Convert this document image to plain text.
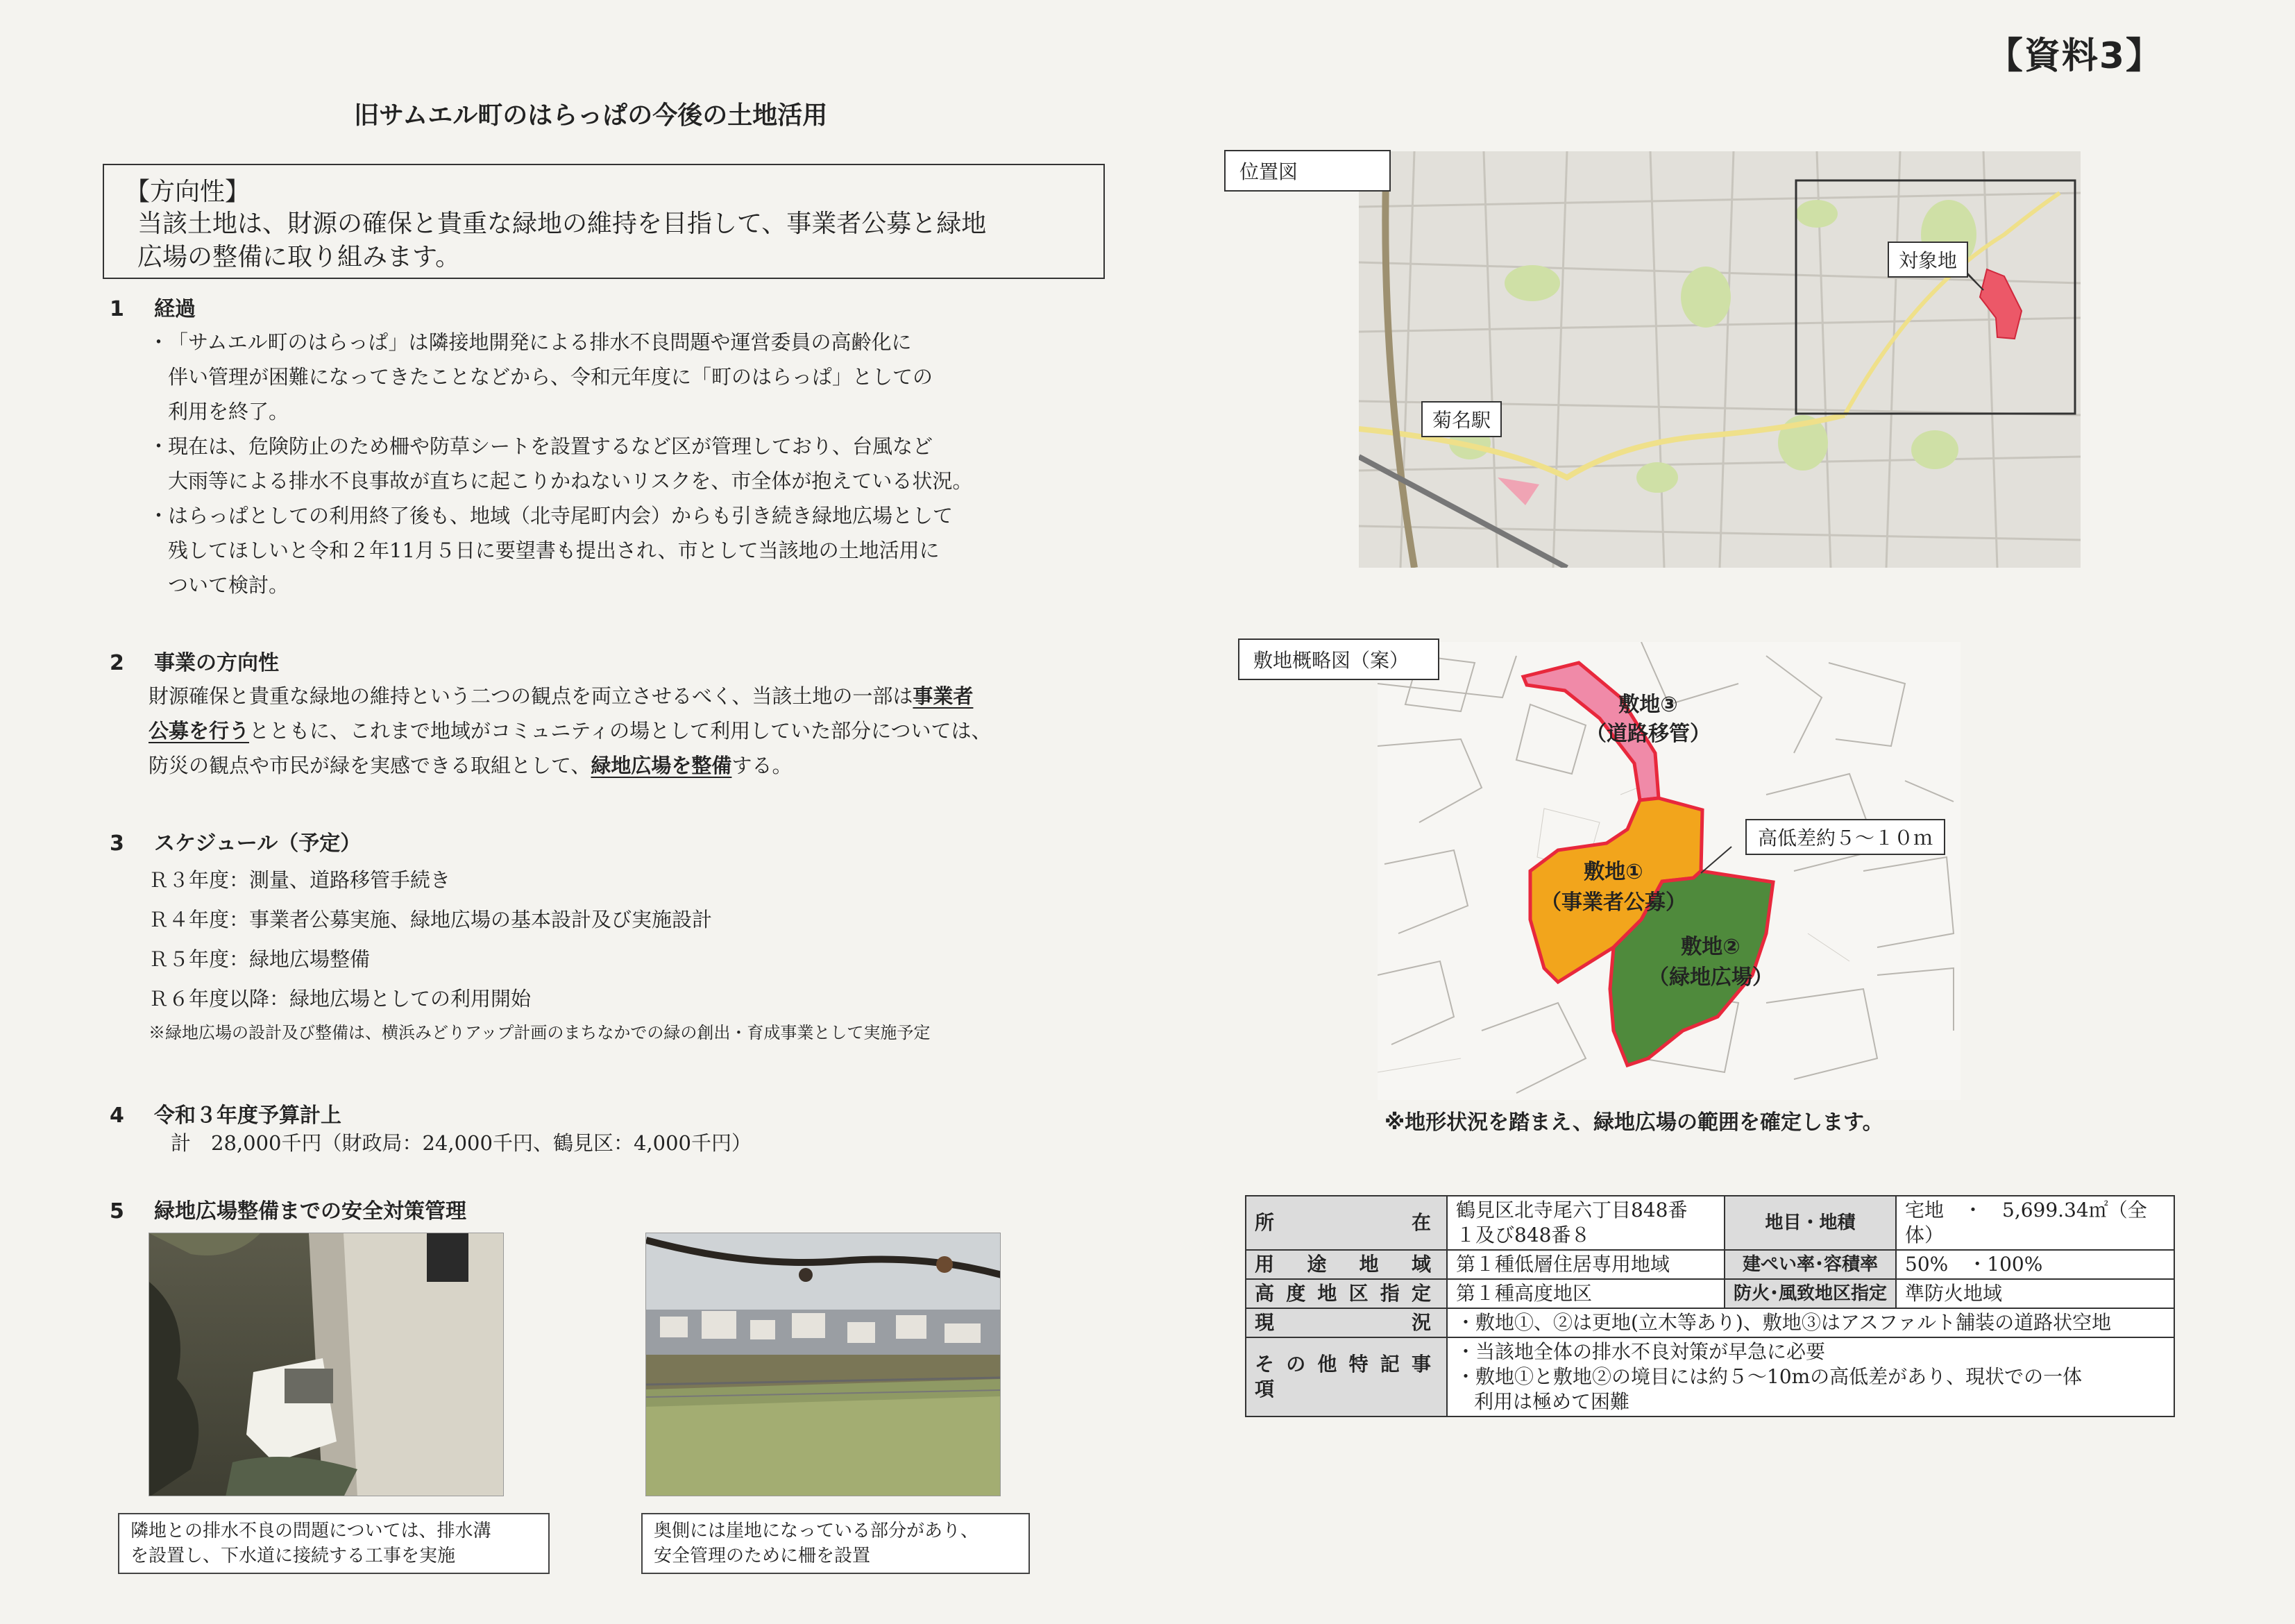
【資料3】
旧サムエル町のはらっぱの今後の土地活用
【方向性】
当該土地は、財源の確保と貴重な緑地の維持を目指して、事業者公募と緑地
広場の整備に取り組みます。
1 経過
・ 「サムエル町のはらっぱ」は隣接地開発による排水不良問題や運営委員の高齢化に
伴い管理が困難になってきたことなどから、令和元年度に「町のはらっぱ」としての
利用を終了。
・ 現在は、危険防止のため柵や防草シートを設置するなど区が管理しており、台風など
大雨等による排水不良事故が直ちに起こりかねないリスクを、市全体が抱えている状況。
・ はらっぱとしての利用終了後も、地域（北寺尾町内会）からも引き続き緑地広場として
残してほしいと令和２年11月５日に要望書も提出され、市として当該地の土地活用に
ついて検討。
2 事業の方向性
財源確保と貴重な緑地の維持という二つの観点を両立させるべく、当該土地の一部は事業者
公募を行うとともに、これまで地域がコミュニティの場として利用していた部分については、
防災の観点や市民が緑を実感できる取組として、緑地広場を整備する。
3 スケジュール（予定）
Ｒ３年度：測量、道路移管手続き
Ｒ４年度：事業者公募実施、緑地広場の基本設計及び実施設計
Ｒ５年度：緑地広場整備
Ｒ６年度以降：緑地広場としての利用開始
※緑地広場の設計及び整備は、横浜みどりアップ計画のまちなかでの緑の創出・育成事業として実施予定
4 令和３年度予算計上
計　28,000千円（財政局：24,000千円、鶴見区：4,000千円）
5 緑地広場整備までの安全対策管理
隣地との排水不良の問題については、排水溝
を設置し、下水道に接続する工事を実施
奥側には崖地になっている部分があり、
安全管理のために柵を設置
対象地
菊名駅
位置図
敷地③
（道路移管）
敷地①
（事業者公募）
敷地②
（緑地広場）
高低差約５～１０ｍ
敷地概略図（案）
※地形状況を踏まえ、緑地広場の範囲を確定します。
所在	鶴見区北寺尾六丁目848番
１及び848番８	地目・地積	宅地　・　5,699.34㎡（全体）
用途地域	第１種低層住居専用地域	建ぺい率･容積率	50%　・100%
高度地区指定	第１種高度地区	防火･風致地区指定	準防火地域
現況	・敷地①、②は更地(立木等あり)、敷地③はアスファルト舗装の道路状空地		
その他特記事項	・当該地全体の排水不良対策が早急に必要
・敷地①と敷地②の境目には約５～10mの高低差があり、現状での一体
利用は極めて困難		
